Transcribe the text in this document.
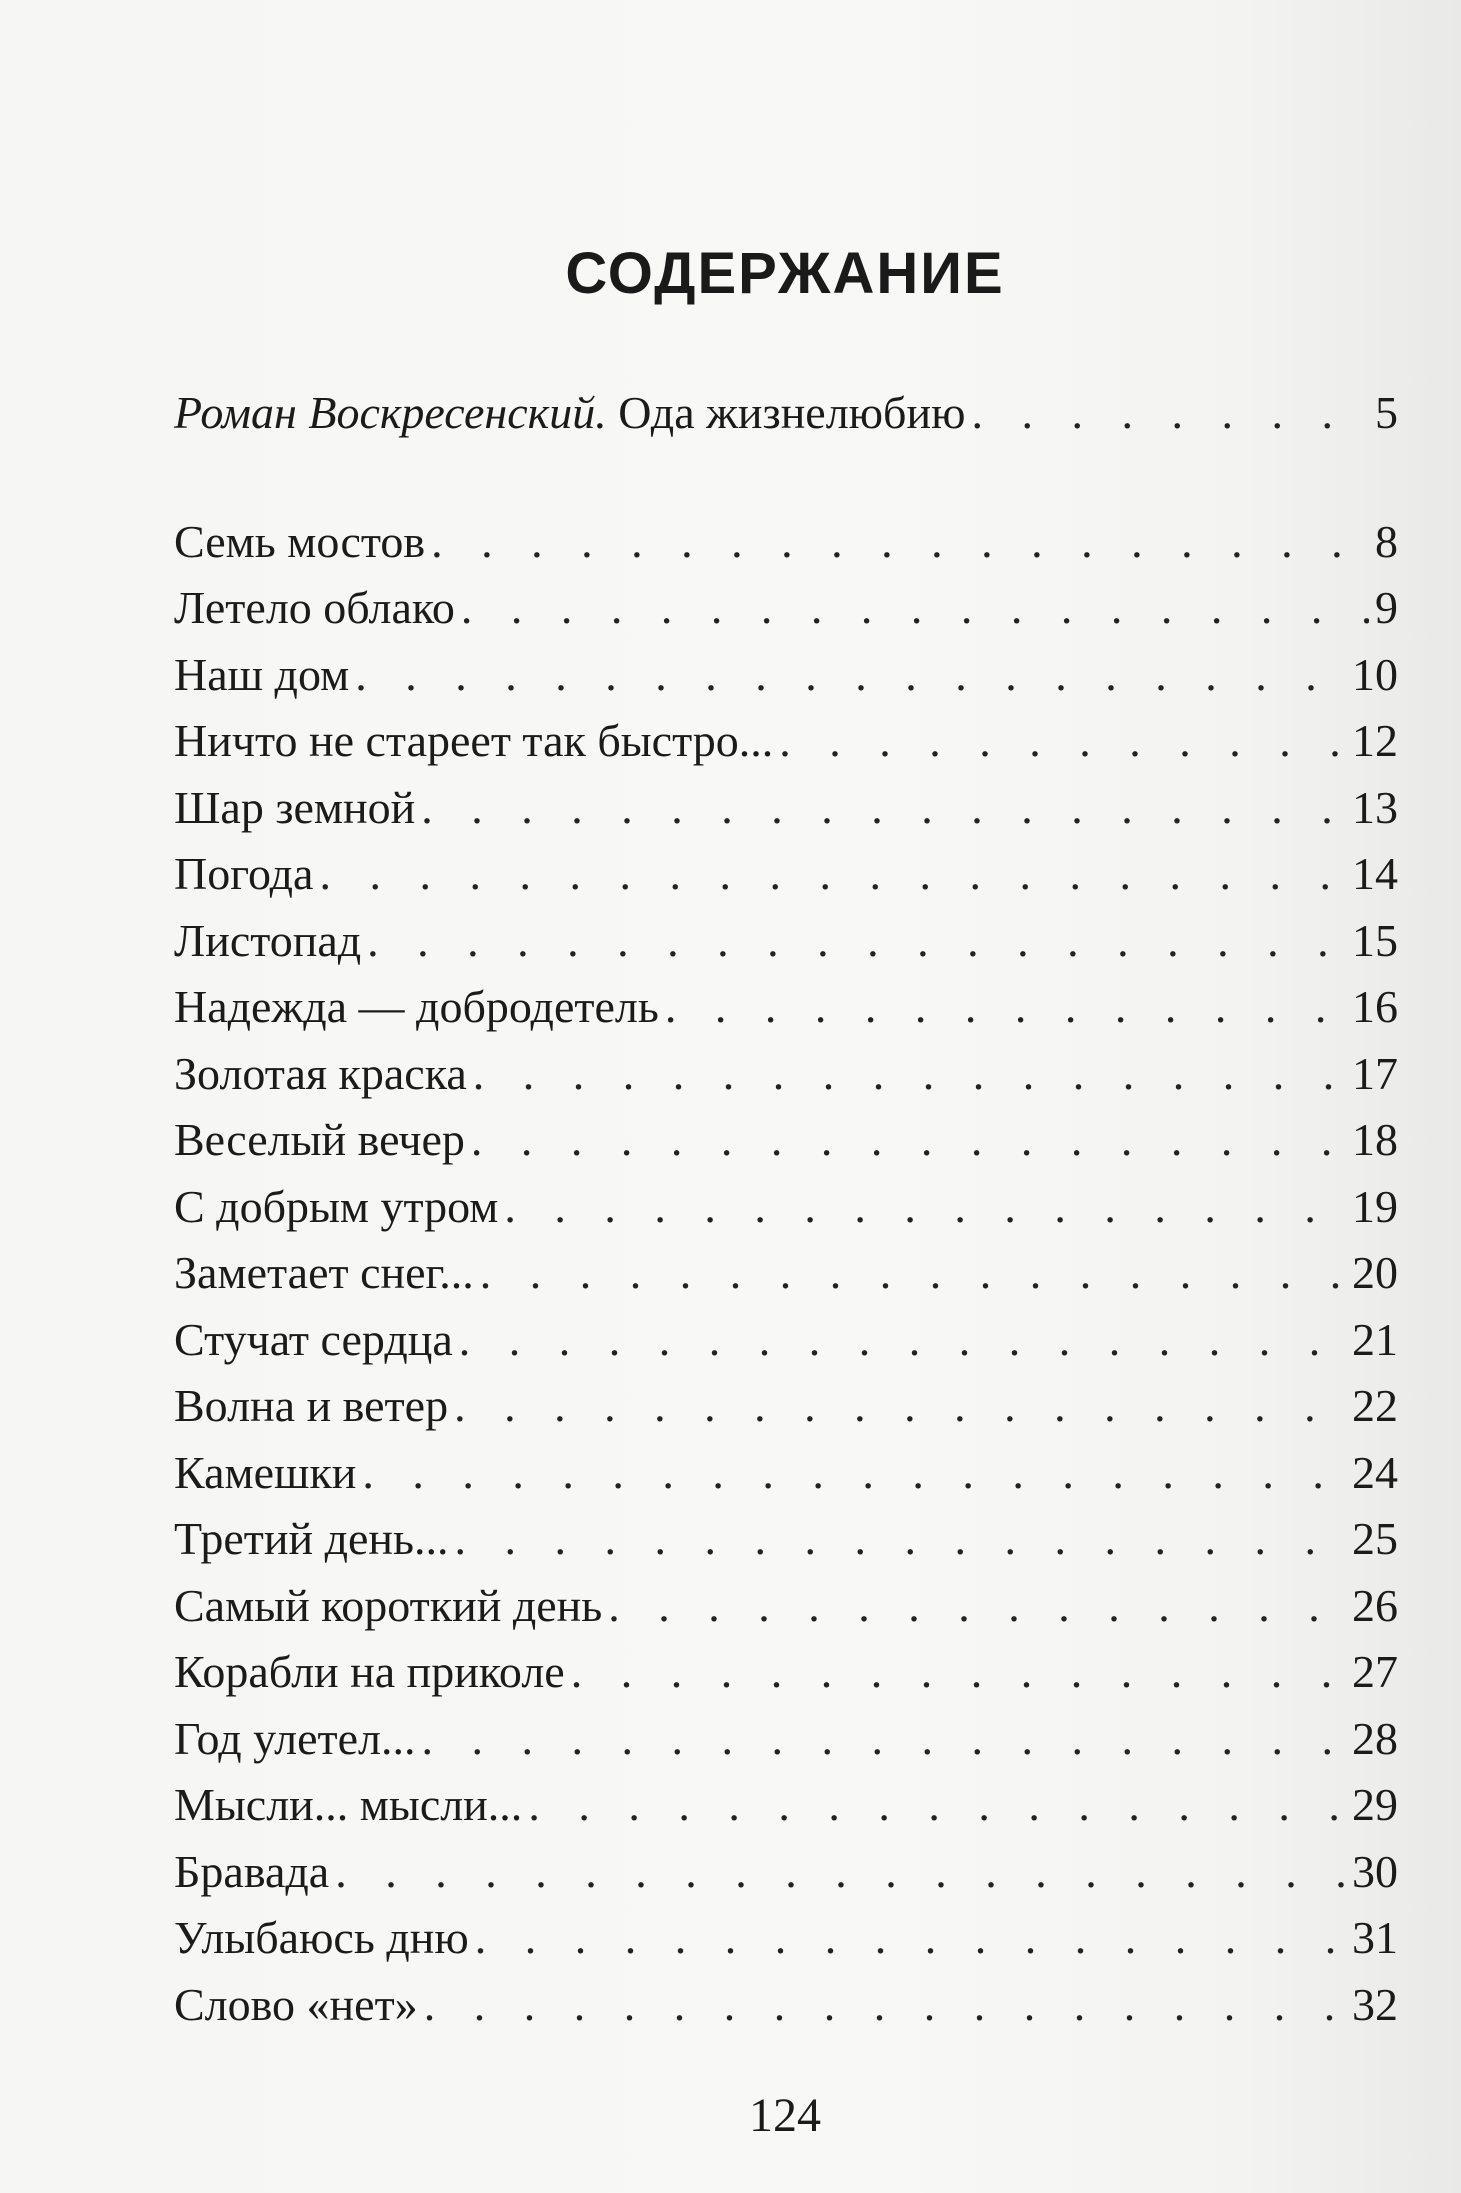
СОДЕРЖАНИЕ
Роман Воскресенский. Ода жизнелюбию . . .	5
Семь мостов . . .	8
Летело облако . . .	9
Наш дом . . .	10
Ничто не стареет так быстро... . . .	12
Шар земной . . .	13
Погода . . .	14
Листопад . . .	15
Надежда — добродетель . . .	16
Золотая краска . . .	17
Веселый вечер . . .	18
С добрым утром . . .	19
Заметает снег... . . .	20
Стучат сердца . . .	21
Волна и ветер . . .	22
Камешки . . .	24
Третий день... . . .	25
Самый короткий день . . .	26
Корабли на приколе . . .	27
Год улетел... . . .	28
Мысли... мысли... . . .	29
Бравада . . .	30
Улыбаюсь дню . . .	31
Слово «нет» . . .	32
124
